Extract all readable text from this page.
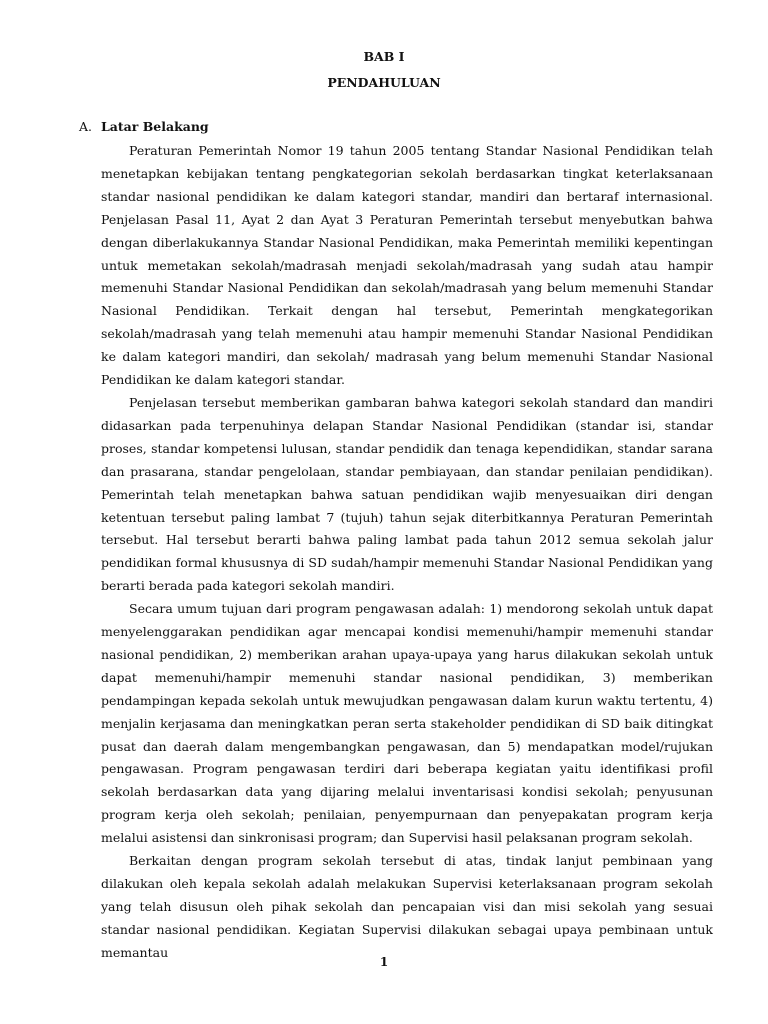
BAB I
PENDAHULUAN
A. Latar Belakang

Peraturan Pemerintah Nomor 19 tahun 2005 tentang Standar Nasional Pendidikan telah menetapkan kebijakan tentang pengkategorian sekolah berdasarkan tingkat keterlaksanaan standar nasional pendidikan ke dalam kategori standar, mandiri dan bertaraf internasional. Penjelasan Pasal 11, Ayat 2 dan Ayat 3 Peraturan Pemerintah tersebut menyebutkan bahwa dengan diberlakukannya Standar Nasional Pendidikan, maka Pemerintah memiliki kepentingan untuk memetakan sekolah/madrasah menjadi sekolah/madrasah yang sudah atau hampir memenuhi Standar Nasional Pendidikan dan sekolah/madrasah yang belum memenuhi Standar Nasional Pendidikan. Terkait dengan hal tersebut, Pemerintah mengkategorikan sekolah/madrasah yang telah memenuhi atau hampir memenuhi Standar Nasional Pendidikan ke dalam kategori mandiri, dan sekolah/ madrasah yang belum memenuhi Standar Nasional Pendidikan ke dalam kategori standar.

Penjelasan tersebut memberikan gambaran bahwa kategori sekolah standard dan mandiri didasarkan pada terpenuhinya delapan Standar Nasional Pendidikan (standar isi, standar proses, standar kompetensi lulusan, standar pendidik dan tenaga kependidikan, standar sarana dan prasarana, standar pengelolaan, standar pembiayaan, dan standar penilaian pendidikan). Pemerintah telah menetapkan bahwa satuan pendidikan wajib menyesuaikan diri dengan ketentuan tersebut paling lambat 7 (tujuh) tahun sejak diterbitkannya Peraturan Pemerintah tersebut. Hal tersebut berarti bahwa paling lambat pada tahun 2012 semua sekolah jalur pendidikan formal khususnya di SD sudah/hampir memenuhi Standar Nasional Pendidikan yang berarti berada pada kategori sekolah mandiri.

Secara umum tujuan dari program pengawasan adalah: 1) mendorong sekolah untuk dapat menyelenggarakan pendidikan agar mencapai kondisi memenuhi/hampir memenuhi standar nasional pendidikan, 2) memberikan arahan upaya-upaya yang harus dilakukan sekolah untuk dapat memenuhi/hampir memenuhi standar nasional pendidikan, 3) memberikan pendampingan kepada sekolah untuk mewujudkan pengawasan dalam kurun waktu tertentu, 4) menjalin kerjasama dan meningkatkan peran serta stakeholder pendidikan di SD baik ditingkat pusat dan daerah dalam mengembangkan pengawasan, dan 5) mendapatkan model/rujukan pengawasan. Program pengawasan terdiri dari beberapa kegiatan yaitu identifikasi profil sekolah berdasarkan data yang dijaring melalui inventarisasi kondisi sekolah; penyusunan program kerja oleh sekolah; penilaian, penyempurnaan dan penyepakatan program kerja melalui asistensi dan sinkronisasi program; dan Supervisi hasil pelaksanan program sekolah.

Berkaitan dengan program sekolah tersebut di atas, tindak lanjut pembinaan yang dilakukan oleh kepala sekolah adalah melakukan Supervisi keterlaksanaan program sekolah yang telah disusun oleh pihak sekolah dan pencapaian visi dan misi sekolah yang sesuai standar nasional pendidikan. Kegiatan Supervisi dilakukan sebagai upaya pembinaan untuk memantau

1
